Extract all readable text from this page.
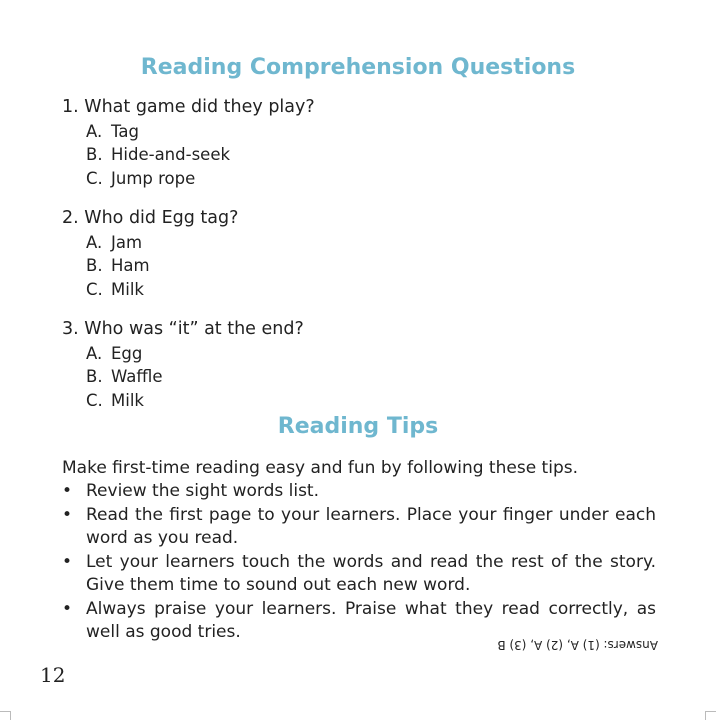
Reading Comprehension Questions
1. What game did they play?
A. Tag
B. Hide-and-seek
C. Jump rope
2. Who did Egg tag?
A. Jam
B. Ham
C. Milk
3. Who was “it” at the end?
A. Egg
B. Waffle
C. Milk
Reading Tips
Make first-time reading easy and fun by following these tips.
• Review the sight words list.
• Read the first page to your learners. Place your finger under each word as you read.
• Let your learners touch the words and read the rest of the story. Give them time to sound out each new word.
• Always praise your learners. Praise what they read correctly, as well as good tries.
Answers: (1) A, (2) A, (3) B
12
